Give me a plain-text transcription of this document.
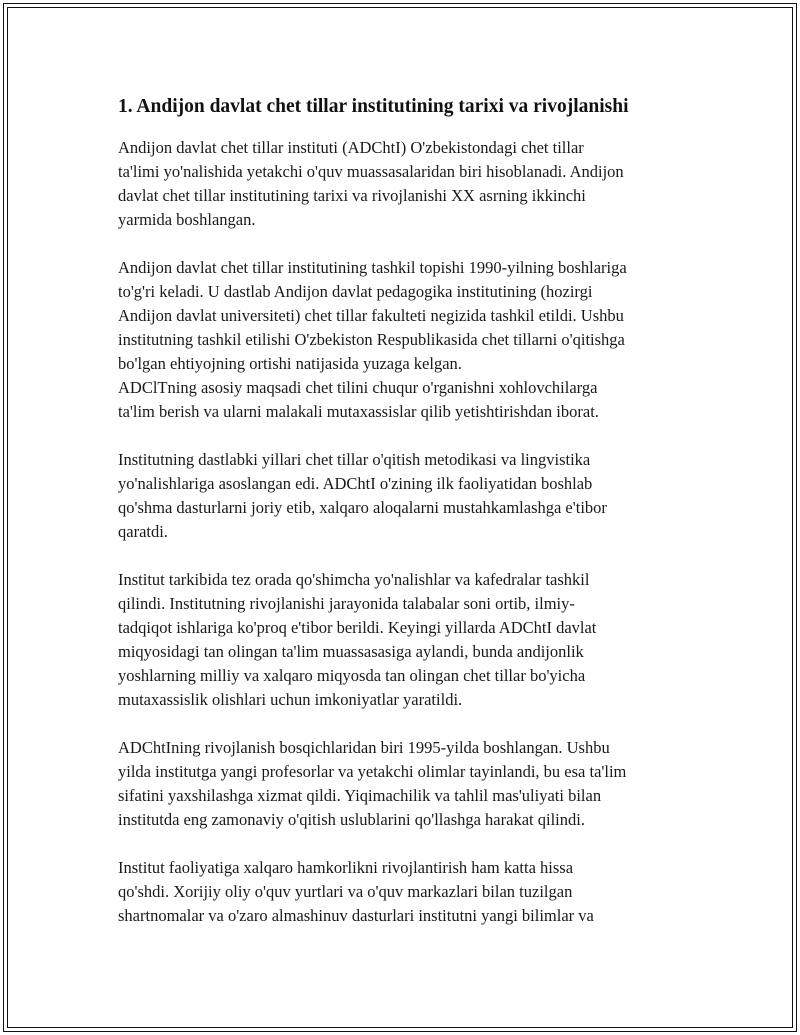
1. Andijon davlat chet tillar institutining tarixi va rivojlanishi

Andijon davlat chet tillar instituti (ADChtI) O'zbekistondagi chet tillar
ta'limi yo'nalishida yetakchi o'quv muassasalaridan biri hisoblanadi. Andijon
davlat chet tillar institutining tarixi va rivojlanishi XX asrning ikkinchi
yarmida boshlangan.

Andijon davlat chet tillar institutining tashkil topishi 1990-yilning boshlariga
to'g'ri keladi. U dastlab Andijon davlat pedagogika institutining (hozirgi
Andijon davlat universiteti) chet tillar fakulteti negizida tashkil etildi. Ushbu
institutning tashkil etilishi O'zbekiston Respublikasida chet tillarni o'qitishga
bo'lgan ehtiyojning ortishi natijasida yuzaga kelgan.
ADClTning asosiy maqsadi chet tilini chuqur o'rganishni xohlovchilarga
ta'lim berish va ularni malakali mutaxassislar qilib yetishtirishdan iborat.

Institutning dastlabki yillari chet tillar o'qitish metodikasi va lingvistika
yo'nalishlariga asoslangan edi. ADChtI o'zining ilk faoliyatidan boshlab
qo'shma dasturlarni joriy etib, xalqaro aloqalarni mustahkamlashga e'tibor
qaratdi.

Institut tarkibida tez orada qo'shimcha yo'nalishlar va kafedralar tashkil
qilindi. Institutning rivojlanishi jarayonida talabalar soni ortib, ilmiy-
tadqiqot ishlariga ko'proq e'tibor berildi. Keyingi yillarda ADChtI davlat
miqyosidagi tan olingan ta'lim muassasasiga aylandi, bunda andijonlik
yoshlarning milliy va xalqaro miqyosda tan olingan chet tillar bo'yicha
mutaxassislik olishlari uchun imkoniyatlar yaratildi.

ADChtIning rivojlanish bosqichlaridan biri 1995-yilda boshlangan. Ushbu
yilda institutga yangi profesorlar va yetakchi olimlar tayinlandi, bu esa ta'lim
sifatini yaxshilashga xizmat qildi. Yiqimachilik va tahlil mas'uliyati bilan
institutda eng zamonaviy o'qitish uslublarini qo'llashga harakat qilindi.

Institut faoliyatiga xalqaro hamkorlikni rivojlantirish ham katta hissa
qo'shdi. Xorijiy oliy o'quv yurtlari va o'quv markazlari bilan tuzilgan
shartnomalar va o'zaro almashinuv dasturlari institutni yangi bilimlar va
